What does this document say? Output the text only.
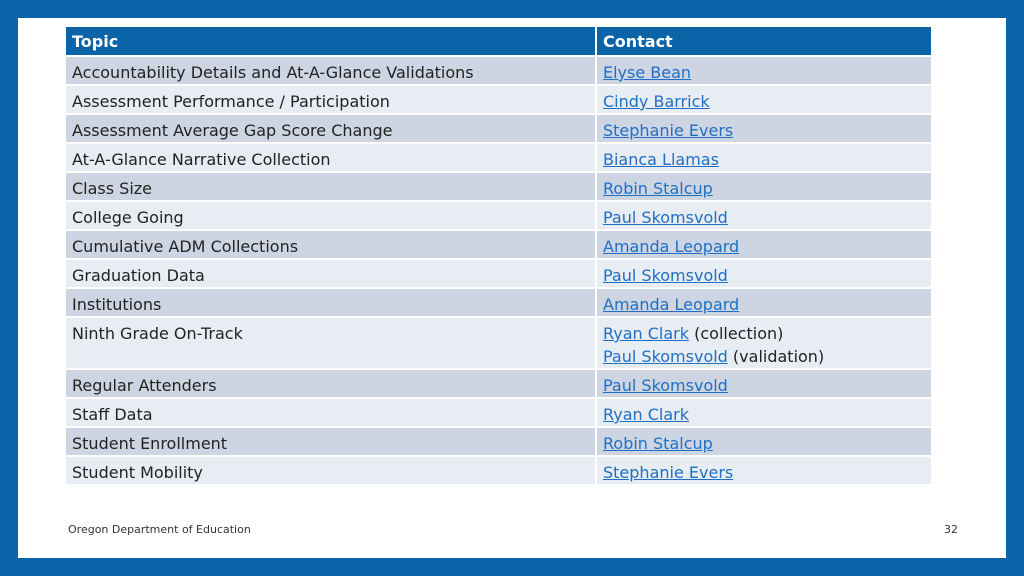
Topic	Contact
Accountability Details and At-A-Glance Validations	Elyse Bean
Assessment Performance / Participation	Cindy Barrick
Assessment Average Gap Score Change	Stephanie Evers
At-A-Glance Narrative Collection	Bianca Llamas
Class Size	Robin Stalcup
College Going	Paul Skomsvold
Cumulative ADM Collections	Amanda Leopard
Graduation Data	Paul Skomsvold
Institutions	Amanda Leopard
Ninth Grade On-Track	Ryan Clark (collection)
Paul Skomsvold (validation)

Regular Attenders	Paul Skomsvold
Staff Data	Ryan Clark
Student Enrollment	Robin Stalcup
Student Mobility	Stephanie Evers
Oregon Department of Education	32
